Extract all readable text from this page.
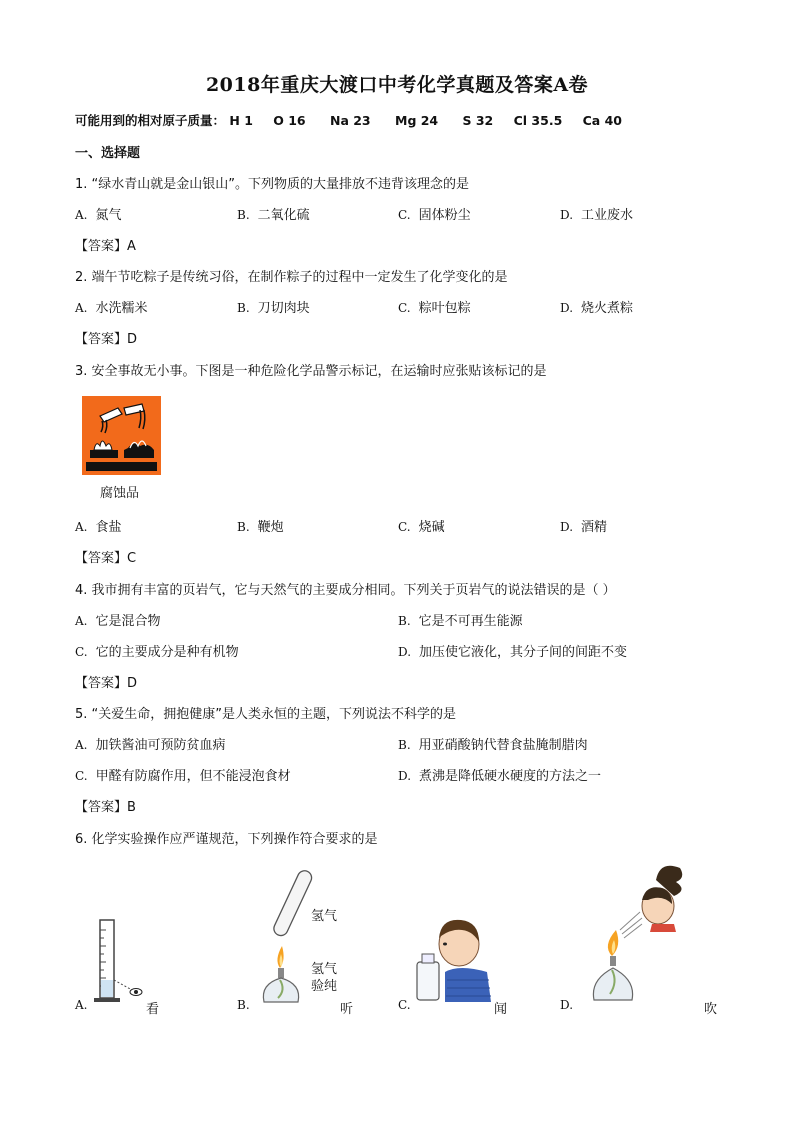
2018年重庆大渡口中考化学真题及答案A卷
可能用到的相对原子质量： H 1 O 16 Na 23 Mg 24 S 32 Cl 35.5 Ca 40
一、选择题
1. “绿水青山就是金山银山”。下列物质的大量排放不违背该理念的是
A. 氮气	B. 二氧化硫	C. 固体粉尘	D. 工业废水
【答案】A
2. 端午节吃粽子是传统习俗，在制作粽子的过程中一定发生了化学变化的是
A. 水洗糯米	B. 刀切肉块	C. 粽叶包粽	D. 烧火煮粽
【答案】D
3. 安全事故无小事。下图是一种危险化学品警示标记，在运输时应张贴该标记的是
腐蚀品
A. 食盐	B. 鞭炮	C. 烧碱	D. 酒精
【答案】C
4. 我市拥有丰富的页岩气，它与天然气的主要成分相同。下列关于页岩气的说法错误的是（ ）
A. 它是混合物	B. 它是不可再生能源
C. 它的主要成分是种有机物	D. 加压使它液化，其分子间的间距不变
【答案】D
5. “关爱生命，拥抱健康”是人类永恒的主题，下列说法不科学的是
A. 加铁酱油可预防贫血病	B. 用亚硝酸钠代替食盐腌制腊肉
C. 甲醛有防腐作用，但不能浸泡食材	D. 煮沸是降低硬水硬度的方法之一
【答案】B
6. 化学实验操作应严谨规范，下列操作符合要求的是
A.	看
氢气
氢气
验纯
B.	听	C.	闻	D.	吹
